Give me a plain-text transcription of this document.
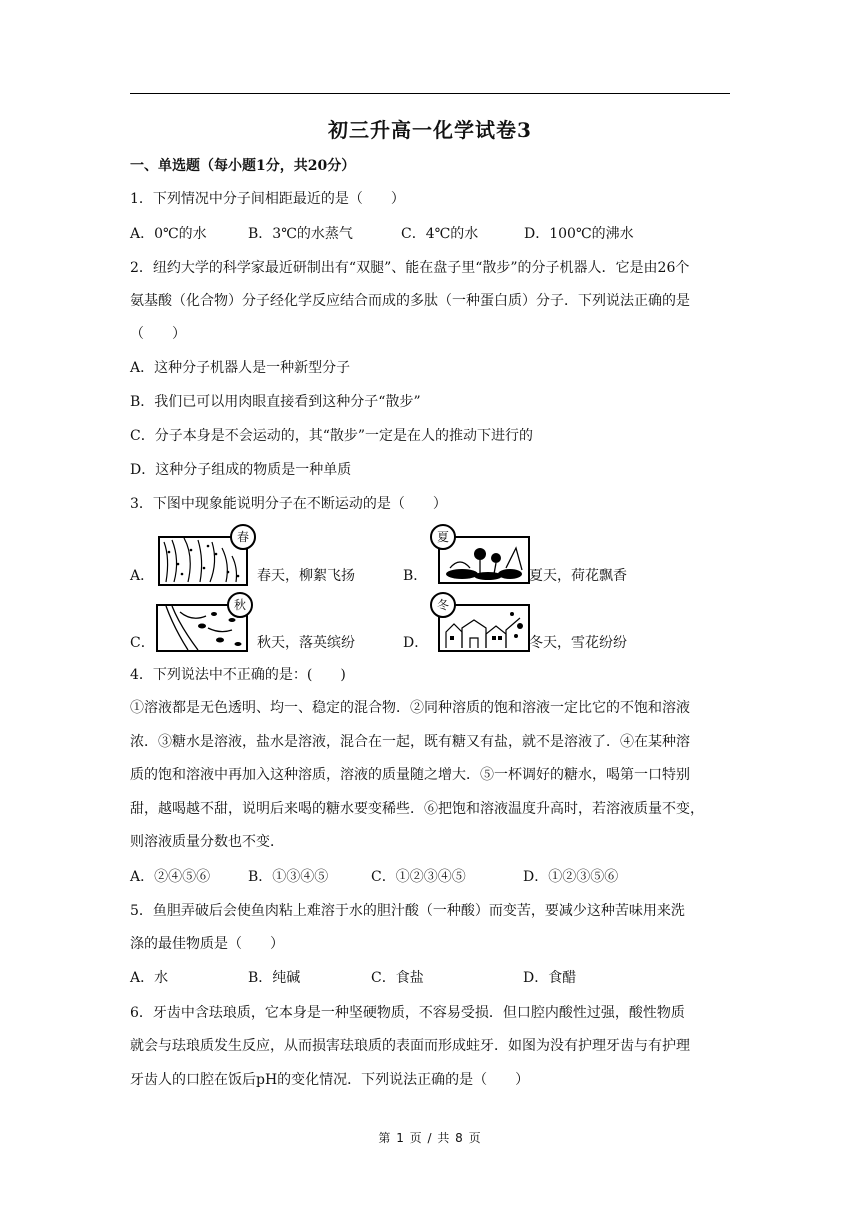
初三升高一化学试卷3
一、单选题（每小题1分，共20分）
1．下列情况中分子间相距最近的是（　　）
A．0℃的水	B．3℃的水蒸气	C．4℃的水	D．100℃的沸水
2．纽约大学的科学家最近研制出有“双腿”、能在盘子里“散步”的分子机器人．它是由26个
氨基酸（化合物）分子经化学反应结合而成的多肽（一种蛋白质）分子．下列说法正确的是
（　　）
A．这种分子机器人是一种新型分子
B．我们已可以用肉眼直接看到这种分子“散步”
C．分子本身是不会运动的，其“散步”一定是在人的推动下进行的
D．这种分子组成的物质是一种单质
3．下图中现象能说明分子在不断运动的是（　　）
A．
春
春天，柳絮飞扬	B．
夏
夏天，荷花飘香
C．
秋
秋天，落英缤纷	D．
冬
冬天，雪花纷纷
4．下列说法中不正确的是：(　　)
①溶液都是无色透明、均一、稳定的混合物．②同种溶质的饱和溶液一定比它的不饱和溶液
浓．③糖水是溶液，盐水是溶液，混合在一起，既有糖又有盐，就不是溶液了．④在某种溶
质的饱和溶液中再加入这种溶质，溶液的质量随之增大．⑤一杯调好的糖水，喝第一口特别
甜，越喝越不甜，说明后来喝的糖水要变稀些．⑥把饱和溶液温度升高时，若溶液质量不变，
则溶液质量分数也不变．
A．②④⑤⑥	B．①③④⑤	C．①②③④⑤	D．①②③⑤⑥
5．鱼胆弄破后会使鱼肉粘上难溶于水的胆汁酸（一种酸）而变苦，要减少这种苦味用来洗
涤的最佳物质是（　　）
A．水	B．纯碱	C．食盐	D．食醋
6．牙齿中含珐琅质，它本身是一种坚硬物质，不容易受损．但口腔内酸性过强，酸性物质
就会与珐琅质发生反应，从而损害珐琅质的表面而形成蛀牙．如图为没有护理牙齿与有护理
牙齿人的口腔在饭后pH的变化情况．下列说法正确的是（　　）
第 1 页 / 共 8 页
